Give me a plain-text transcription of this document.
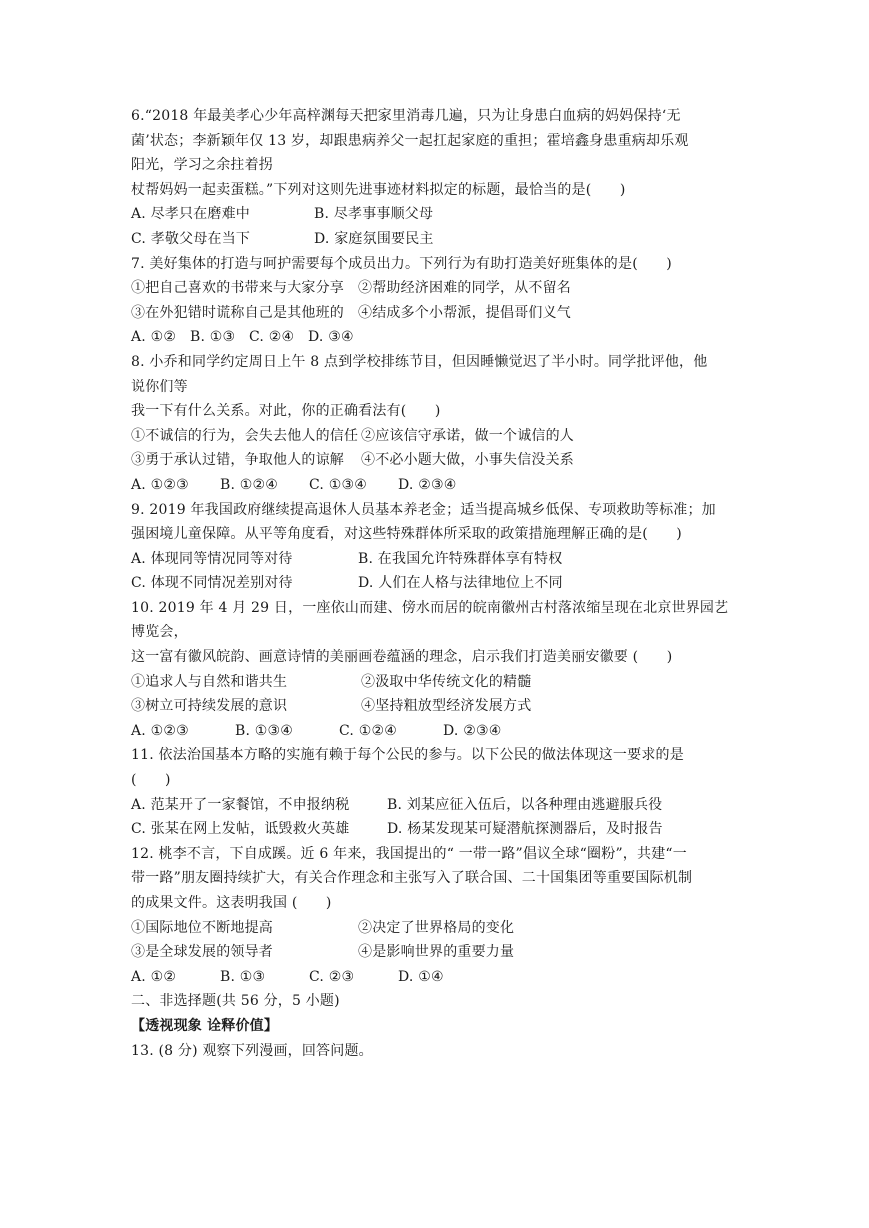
6.“2018 年最美孝心少年高梓渊每天把家里消毒几遍，只为让身患白血病的妈妈保持‘无
菌’状态；李新颖年仅 13 岁，却跟患病养父一起扛起家庭的重担；霍培鑫身患重病却乐观
阳光，学习之余拄着拐
杖帮妈妈一起卖蛋糕。”下列对这则先进事迹材料拟定的标题，最恰当的是(　　)
A. 尽孝只在磨难中	B. 尽孝事事顺父母
C. 孝敬父母在当下	D. 家庭氛围要民主
7. 美好集体的打造与呵护需要每个成员出力。下列行为有助打造美好班集体的是(　　)
①把自己喜欢的书带来与大家分享	②帮助经济困难的同学，从不留名
③在外犯错时谎称自己是其他班的	④结成多个小帮派，提倡哥们义气
A. ①② B. ①③ C. ②④ D. ③④
8. 小乔和同学约定周日上午 8 点到学校排练节目，但因睡懒觉迟了半小时。同学批评他，他
说你们等
我一下有什么关系。对此，你的正确看法有(　　)
①不诚信的行为，会失去他人的信任 ②应该信守承诺，做一个诚信的人
③勇于承认过错，争取他人的谅解	④不必小题大做，小事失信没关系
A. ①②③	B. ①②④	C. ①③④	D. ②③④
9. 2019 年我国政府继续提高退休人员基本养老金；适当提高城乡低保、专项救助等标准；加
强困境儿童保障。从平等角度看，对这些特殊群体所采取的政策措施理解正确的是(　　)
A. 体现同等情况同等对待	B. 在我国允许特殊群体享有特权
C. 体现不同情况差别对待	D. 人们在人格与法律地位上不同
10. 2019 年 4 月 29 日，一座依山而建、傍水而居的皖南徽州古村落浓缩呈现在北京世界园艺
博览会，
这一富有徽风皖韵、画意诗情的美丽画卷蕴涵的理念，启示我们打造美丽安徽要 (　　)
①追求人与自然和谐共生	②汲取中华传统文化的精髓
③树立可持续发展的意识	④坚持粗放型经济发展方式
A. ①②③	B. ①③④	C. ①②④	D. ②③④
11. 依法治国基本方略的实施有赖于每个公民的参与。以下公民的做法体现这一要求的是
(　　)
A. 范某开了一家餐馆，不申报纳税	B. 刘某应征入伍后，以各种理由逃避服兵役
C. 张某在网上发帖，诋毁救火英雄	D. 杨某发现某可疑潜航探测器后，及时报告
12. 桃李不言，下自成蹊。近 6 年来，我国提出的“ 一带一路”倡议全球“圈粉”，共建“一
带一路”朋友圈持续扩大，有关合作理念和主张写入了联合国、二十国集团等重要国际机制
的成果文件。这表明我国 (　　)
①国际地位不断地提高	②决定了世界格局的变化
③是全球发展的领导者	④是影响世界的重要力量
A. ①②	B. ①③	C. ②③	D. ①④
二、非选择题(共 56 分，5 小题)
【透视现象 诠释价值】
13. (8 分) 观察下列漫画，回答问题。
